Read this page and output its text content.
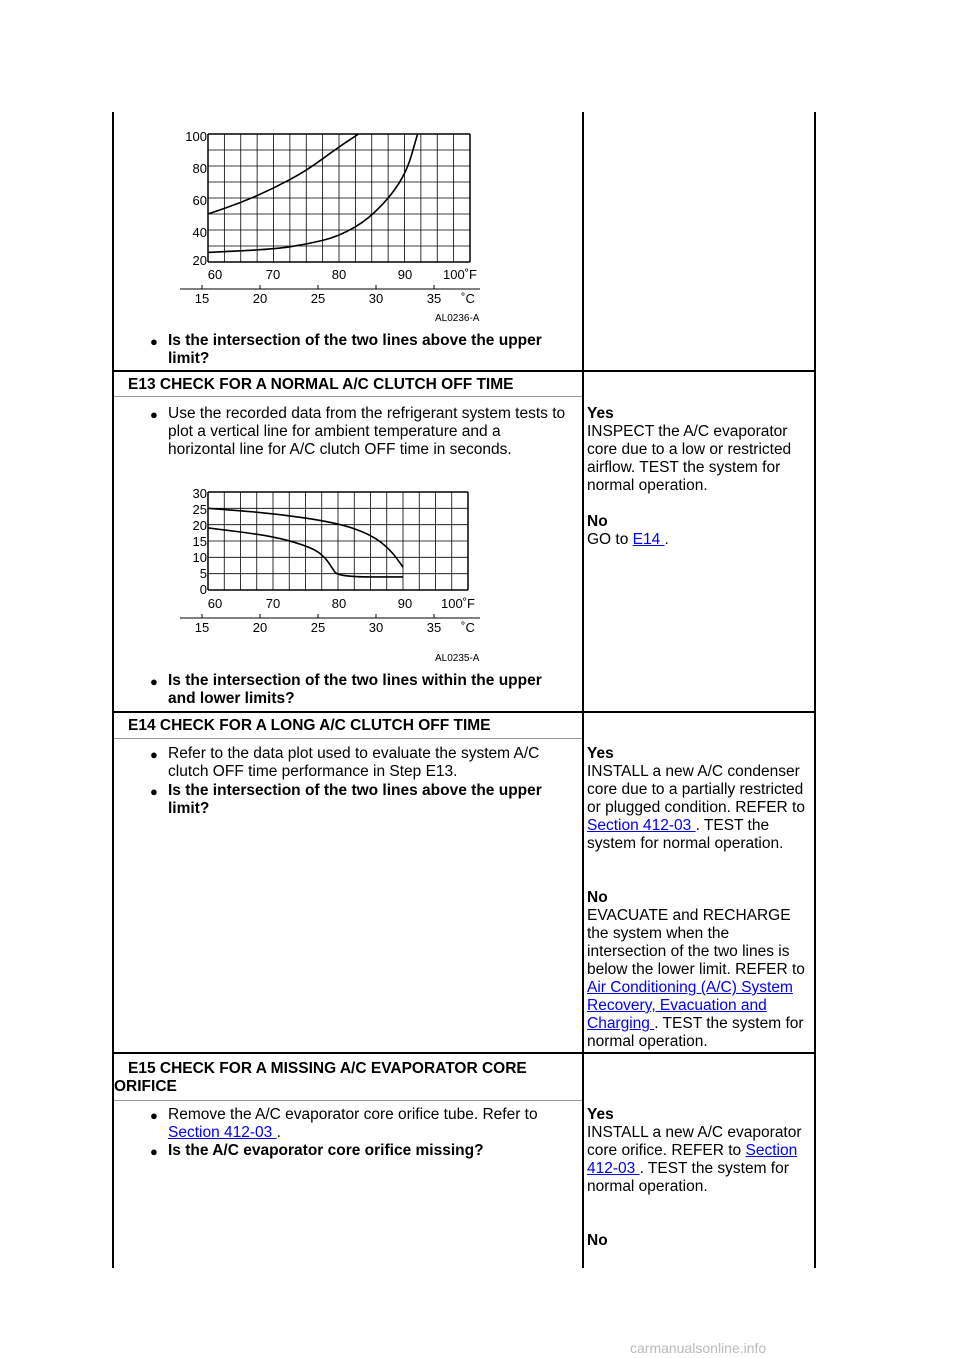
100
80
60
40
20
60	70	80	90 100˚F
15	20	25	30	35 ˚C
AL0236-A
● Is the intersection of the two lines above the upper limit?
E13 CHECK FOR A NORMAL A/C CLUTCH OFF TIME
● Use the recorded data from the refrigerant system tests to plot a vertical line for ambient temperature and a horizontal line for A/C clutch OFF time in seconds.
30
25
20
15
10
5
0
60	70	80	90 100˚F
15	20	25	30	35 ˚C
AL0235-A
● Is the intersection of the two lines within the upper and lower limits?
Yes
INSPECT the A/C evaporator core due to a low or restricted airflow. TEST the system for normal operation.
No
GO to E14 .
E14 CHECK FOR A LONG A/C CLUTCH OFF TIME
● Refer to the data plot used to evaluate the system A/C clutch OFF time performance in Step E13.
● Is the intersection of the two lines above the upper limit?
Yes
INSTALL a new A/C condenser core due to a partially restricted or plugged condition. REFER to Section 412-03 . TEST the system for normal operation.
No
EVACUATE and RECHARGE the system when the intersection of the two lines is below the lower limit. REFER to Air Conditioning (A/C) System Recovery, Evacuation and Charging . TEST the system for normal operation.
E15 CHECK FOR A MISSING A/C EVAPORATOR CORE
ORIFICE
● Remove the A/C evaporator core orifice tube. Refer to Section 412-03 .
● Is the A/C evaporator core orifice missing?
Yes
INSTALL a new A/C evaporator core orifice. REFER to Section 412-03 . TEST the system for normal operation.
No
carmanualsonline.info
